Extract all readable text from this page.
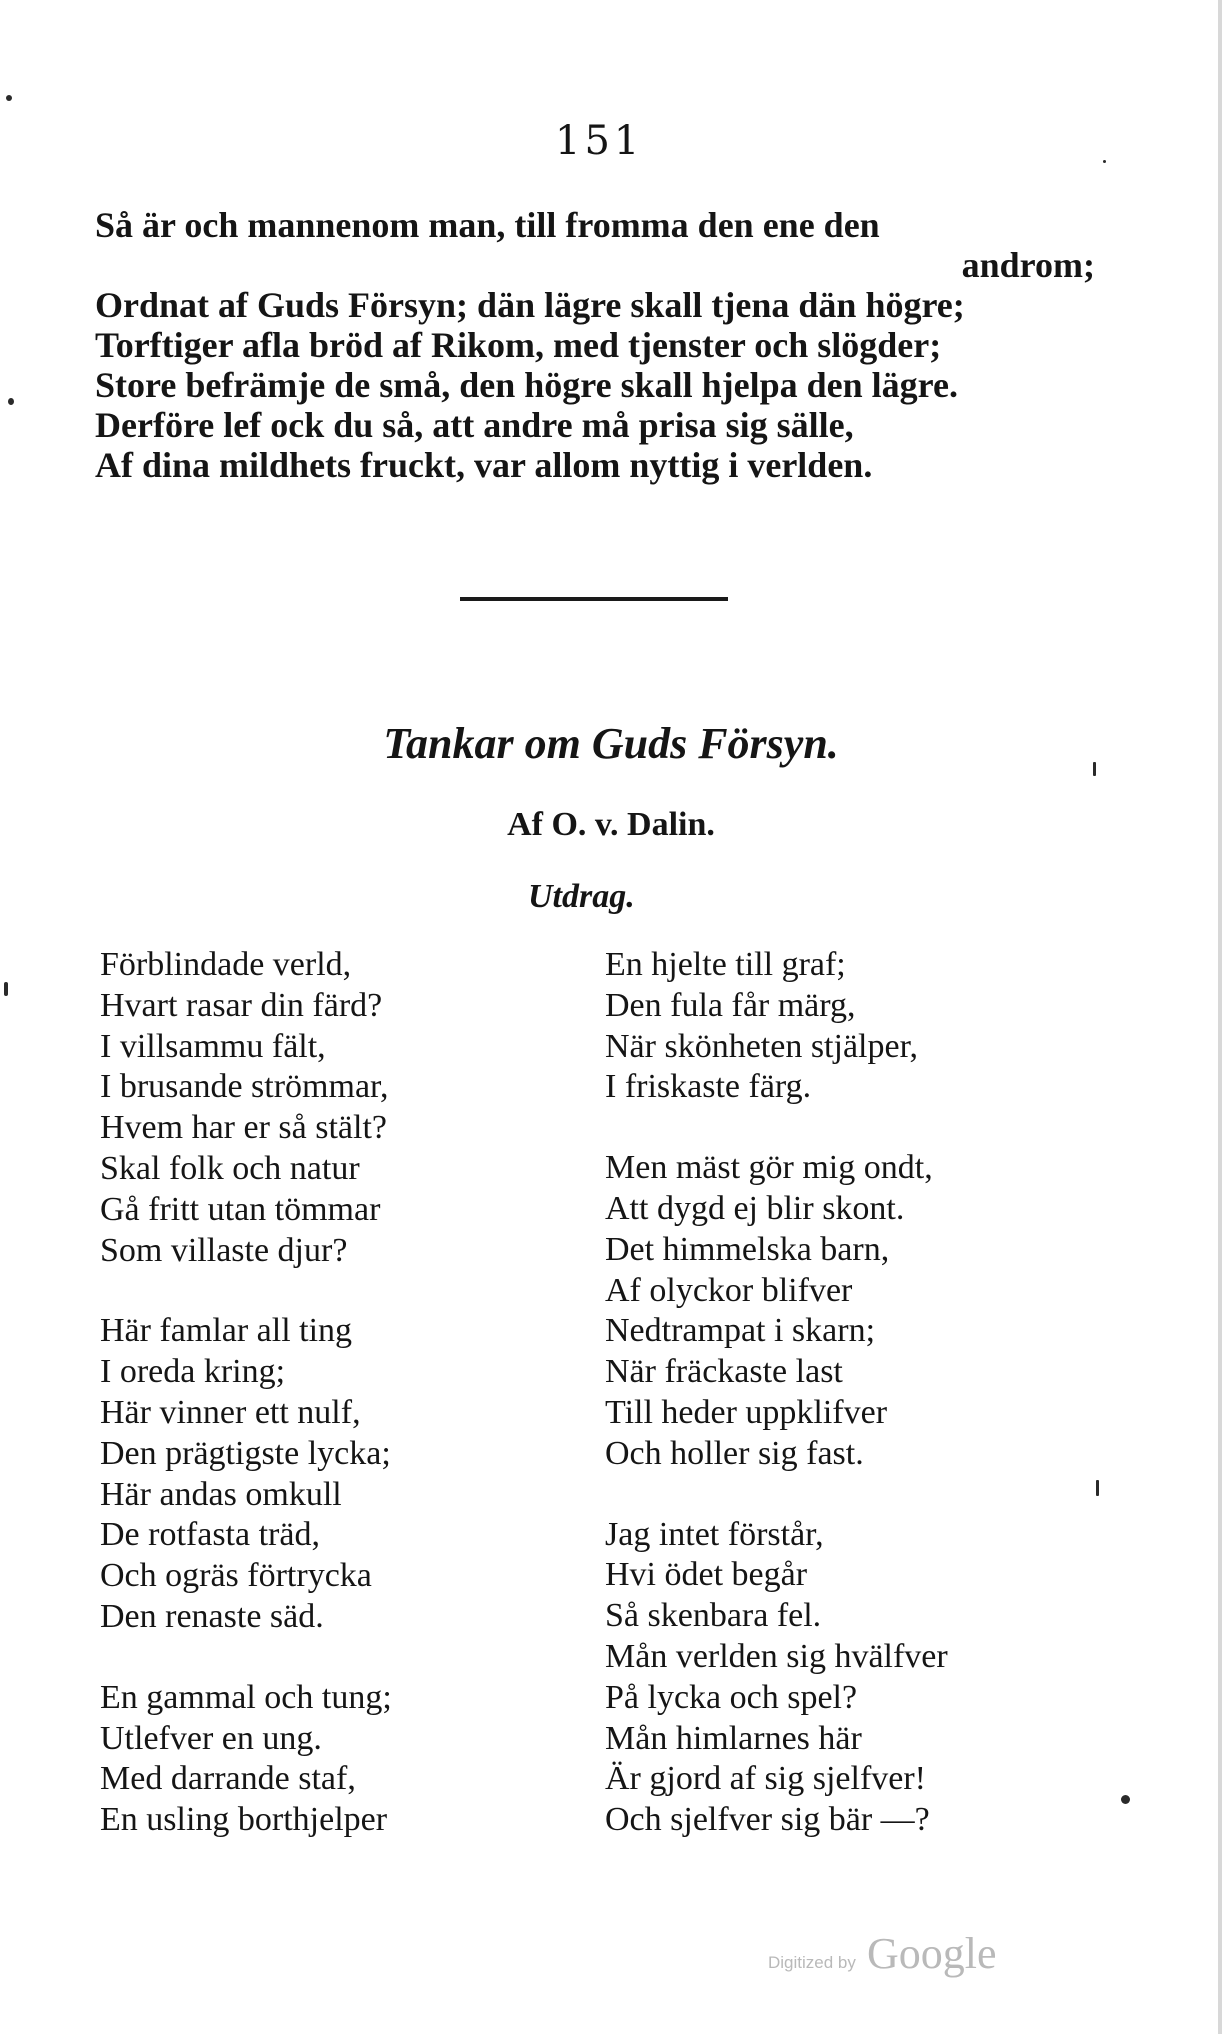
151
Så är och mannenom man, till fromma den ene den
androm;
Ordnat af Guds Försyn; dän lägre skall tjena dän högre;
Torftiger afla bröd af Rikom, med tjenster och slögder;
Store befrämje de små, den högre skall hjelpa den lägre.
Derföre lef ock du så, att andre må prisa sig sälle,
Af dina mildhets fruckt, var allom nyttig i verlden.
Tankar om Guds Försyn.
Af O. v. Dalin.
Utdrag.
Förblindade verld,
Hvart rasar din färd?
I villsammu fält,
I brusande strömmar,
Hvem har er så stält?
Skal folk och natur
Gå fritt utan tömmar
Som villaste djur?
Här famlar all ting
I oreda kring;
Här vinner ett nulf,
Den prägtigste lycka;
Här andas omkull
De rotfasta träd,
Och ogräs förtrycka
Den renaste säd.
En gammal och tung;
Utlefver en ung.
Med darrande staf,
En usling borthjelper
En hjelte till graf;
Den fula får märg,
När skönheten stjälper,
I friskaste färg.
Men mäst gör mig ondt,
Att dygd ej blir skont.
Det himmelska barn,
Af olyckor blifver
Nedtrampat i skarn;
När fräckaste last
Till heder uppklifver
Och holler sig fast.
Jag intet förstår,
Hvi ödet begår
Så skenbara fel.
Mån verlden sig hvälfver
På lycka och spel?
Mån himlarnes här
Är gjord af sig sjelfver!
Och sjelfver sig bär —?
Digitized by Google
